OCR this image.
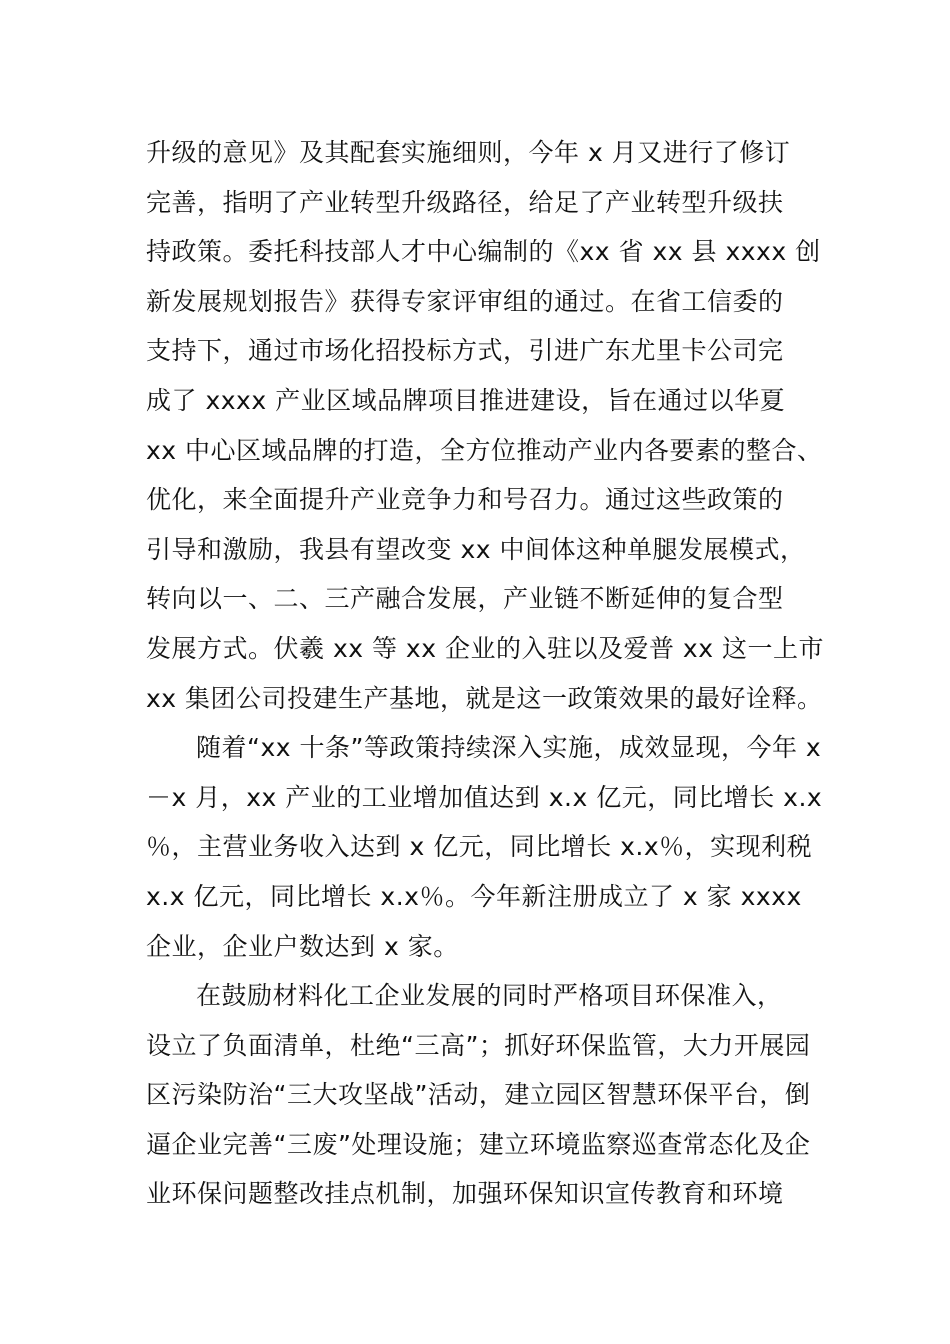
升级的意见》及其配套实施细则，今年 x 月又进行了修订
完善，指明了产业转型升级路径，给足了产业转型升级扶
持政策。委托科技部人才中心编制的《xx 省 xx 县 xxxx 创
新发展规划报告》获得专家评审组的通过。在省工信委的
支持下，通过市场化招投标方式，引进广东尤里卡公司完
成了 xxxx 产业区域品牌项目推进建设，旨在通过以华夏
xx 中心区域品牌的打造，全方位推动产业内各要素的整合、
优化，来全面提升产业竞争力和号召力。通过这些政策的
引导和激励，我县有望改变 xx 中间体这种单腿发展模式，
转向以一、二、三产融合发展，产业链不断延伸的复合型
发展方式。伏羲 xx 等 xx 企业的入驻以及爱普 xx 这一上市
xx 集团公司投建生产基地，就是这一政策效果的最好诠释。
随着“xx 十条”等政策持续深入实施，成效显现，今年 x
－x 月，xx 产业的工业增加值达到 x.x 亿元，同比增长 x.x
％，主营业务收入达到 x 亿元，同比增长 x.x％，实现利税
x.x 亿元，同比增长 x.x％。今年新注册成立了 x 家 xxxx
企业，企业户数达到 x 家。
在鼓励材料化工企业发展的同时严格项目环保准入，
设立了负面清单，杜绝“三高”；抓好环保监管，大力开展园
区污染防治“三大攻坚战”活动，建立园区智慧环保平台，倒
逼企业完善“三废”处理设施；建立环境监察巡查常态化及企
业环保问题整改挂点机制，加强环保知识宣传教育和环境
